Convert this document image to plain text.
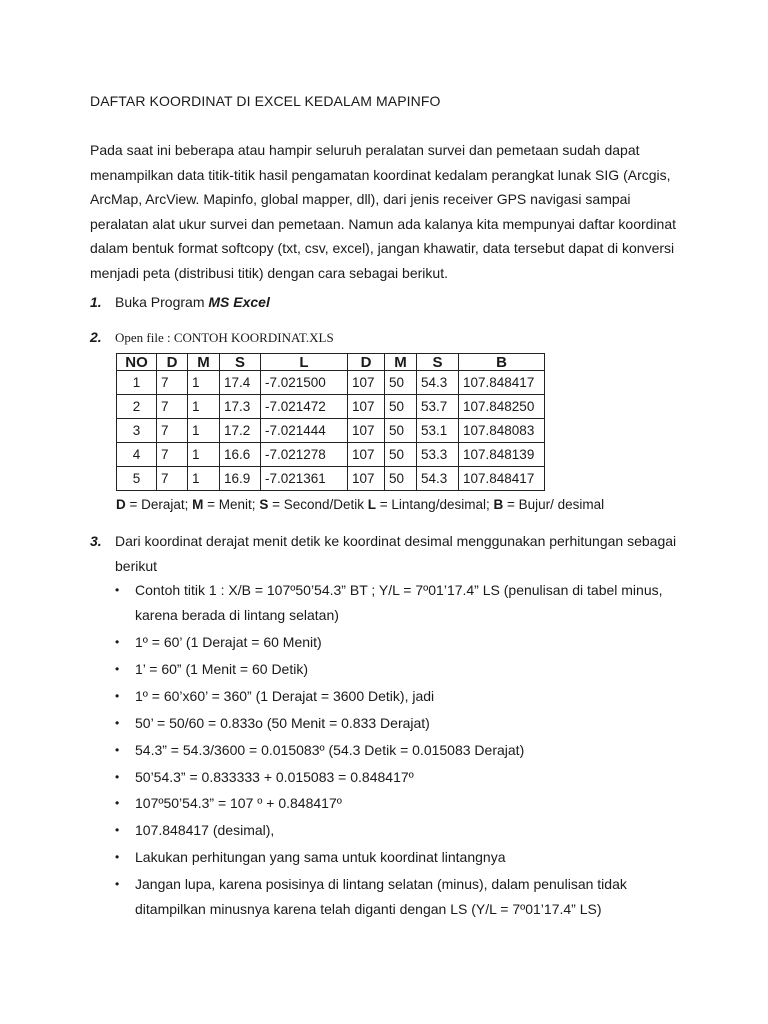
DAFTAR KOORDINAT DI EXCEL KEDALAM MAPINFO

Pada saat ini beberapa atau hampir seluruh peralatan survei dan pemetaan sudah dapat menampilkan data titik-titik hasil pengamatan koordinat kedalam perangkat lunak SIG (Arcgis, ArcMap, ArcView. Mapinfo, global mapper, dll), dari jenis receiver GPS navigasi sampai peralatan alat ukur survei dan pemetaan. Namun ada kalanya kita mempunyai daftar koordinat dalam bentuk format softcopy (txt, csv, excel), jangan khawatir, data tersebut dapat di konversi menjadi peta (distribusi titik) dengan cara sebagai berikut.

1. Buka Program MS Excel
2. Open file : CONTOH KOORDINAT.XLS
NO	D	M	S	L	D	M	S	B
1	7	1	17.4	-7.021500	107	50	54.3	107.848417
2	7	1	17.3	-7.021472	107	50	53.7	107.848250
3	7	1	17.2	-7.021444	107	50	53.1	107.848083
4	7	1	16.6	-7.021278	107	50	53.3	107.848139
5	7	1	16.9	-7.021361	107	50	54.3	107.848417
D = Derajat; M = Menit; S = Second/Detik L = Lintang/desimal; B = Bujur/ desimal
3. Dari koordinat derajat menit detik ke koordinat desimal menggunakan perhitungan sebagai berikut
• Contoh titik 1 : X/B = 107º50’54.3” BT ; Y/L = 7º01’17.4” LS (penulisan di tabel minus, karena berada di lintang selatan)
• 1º = 60’ (1 Derajat = 60 Menit)
• 1’ = 60” (1 Menit = 60 Detik)
• 1º = 60’x60’ = 360” (1 Derajat = 3600 Detik), jadi
• 50’ = 50/60 = 0.833o (50 Menit = 0.833 Derajat)
• 54.3” = 54.3/3600 = 0.015083º (54.3 Detik = 0.015083 Derajat)
• 50’54.3” = 0.833333 + 0.015083 = 0.848417º
• 107º50’54.3” = 107 º + 0.848417º
• 107.848417 (desimal),
• Lakukan perhitungan yang sama untuk koordinat lintangnya
• Jangan lupa, karena posisinya di lintang selatan (minus), dalam penulisan tidak ditampilkan minusnya karena telah diganti dengan LS (Y/L = 7º01’17.4” LS)
